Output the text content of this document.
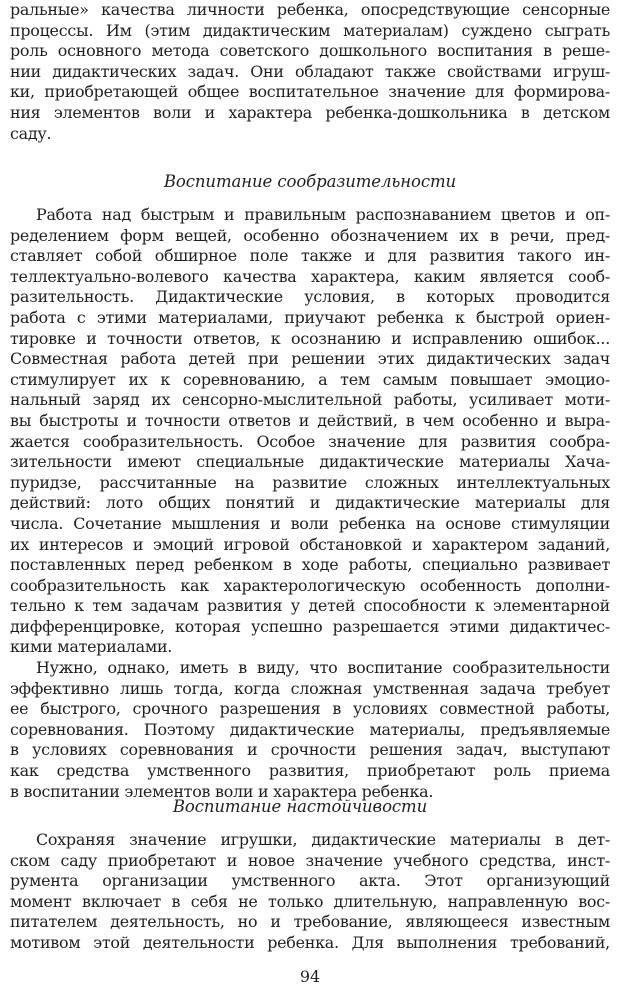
ральные» качества личности ребенка, опосредствующие сенсорные
процессы. Им (этим дидактическим материалам) суждено сыграть
роль основного метода советского дошкольного воспитания в реше-
нии дидактических задач. Они обладают также свойствами игруш-
ки, приобретающей общее воспитательное значение для формирова-
ния элементов воли и характера ребенка-дошкольника в детском
саду.
Воспитание сообразительности
Работа над быстрым и правильным распознаванием цветов и оп-
ределением форм вещей, особенно обозначением их в речи, пред-
ставляет собой обширное поле также и для развития такого ин-
теллектуально-волевого качества характера, каким является сооб-
разительность. Дидактические условия, в которых проводится
работа с этими материалами, приучают ребенка к быстрой ориен-
тировке и точности ответов, к осознанию и исправлению ошибок...
Совместная работа детей при решении этих дидактических задач
стимулирует их к соревнованию, а тем самым повышает эмоцио-
нальный заряд их сенсорно-мыслительной работы, усиливает моти-
вы быстроты и точности ответов и действий, в чем особенно и выра-
жается сообразительность. Особое значение для развития сообра-
зительности имеют специальные дидактические материалы Хача-
пуридзе, рассчитанные на развитие сложных интеллектуальных
действий: лото общих понятий и дидактические материалы для
числа. Сочетание мышления и воли ребенка на основе стимуляции
их интересов и эмоций игровой обстановкой и характером заданий,
поставленных перед ребенком в ходе работы, специально развивает
сообразительность как характерологическую особенность дополни-
тельно к тем задачам развития у детей способности к элементарной
дифференцировке, которая успешно разрешается этими дидактичес-
кими материалами.
Нужно, однако, иметь в виду, что воспитание сообразительности
эффективно лишь тогда, когда сложная умственная задача требует
ее быстрого, срочного разрешения в условиях совместной работы,
соревнования. Поэтому дидактические материалы, предъявляемые
в условиях соревнования и срочности решения задач, выступают
как средства умственного развития, приобретают роль приема
в воспитании элементов воли и характера ребенка.
Воспитание настойчивости
Сохраняя значение игрушки, дидактические материалы в дет-
ском саду приобретают и новое значение учебного средства, инст-
румента организации умственного акта. Этот организующий
момент включает в себя не только длительную, направленную вос-
питателем деятельность, но и требование, являющееся известным
мотивом этой деятельности ребенка. Для выполнения требований,
94
